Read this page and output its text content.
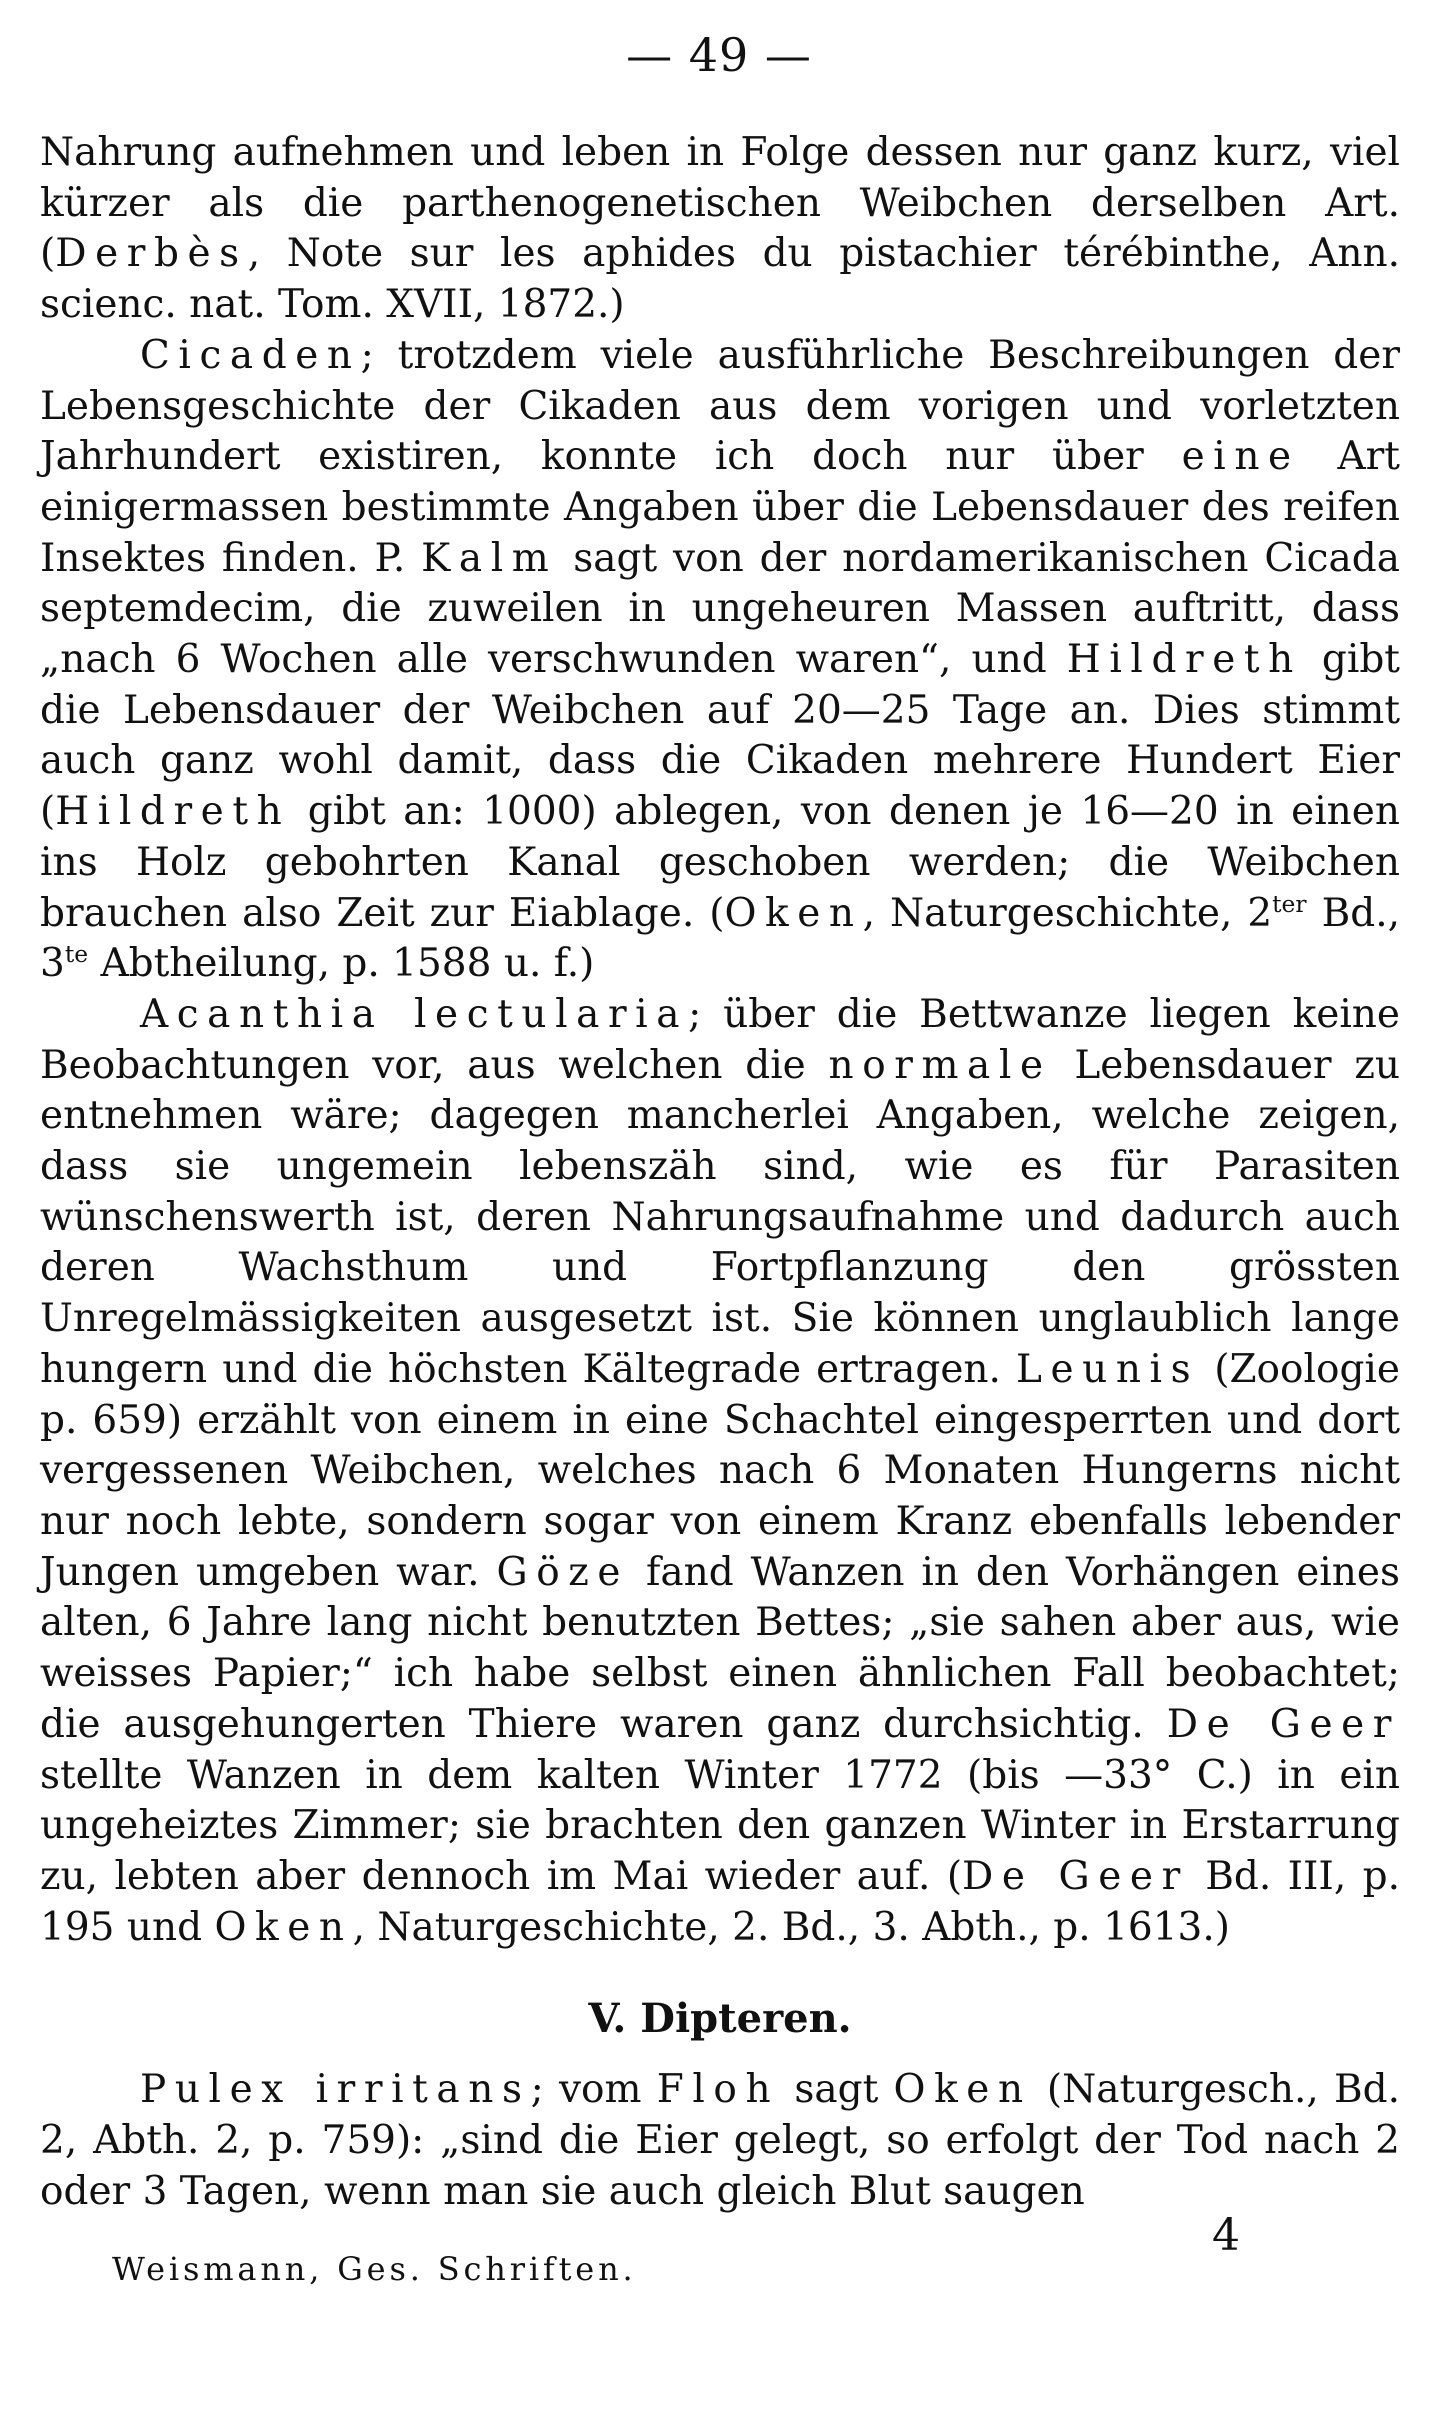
— 49 —

Nahrung aufnehmen und leben in Folge dessen nur ganz kurz, viel kürzer als die parthenogenetischen Weibchen derselben Art. (Derbès, Note sur les aphides du pistachier térébinthe, Ann. scienc. nat. Tom. XVII, 1872.)

Cicaden; trotzdem viele ausführliche Beschreibungen der Lebensgeschichte der Cikaden aus dem vorigen und vorletzten Jahrhundert existiren, konnte ich doch nur über eine Art einigermassen bestimmte Angaben über die Lebensdauer des reifen Insektes finden. P. Kalm sagt von der nordamerikanischen Cicada septemdecim, die zuweilen in ungeheuren Massen auftritt, dass „nach 6 Wochen alle verschwunden waren“, und Hildreth gibt die Lebensdauer der Weibchen auf 20—25 Tage an. Dies stimmt auch ganz wohl damit, dass die Cikaden mehrere Hundert Eier (Hildreth gibt an: 1000) ablegen, von denen je 16—20 in einen ins Holz gebohrten Kanal geschoben werden; die Weibchen brauchen also Zeit zur Eiablage. (Oken, Naturgeschichte, $2^{ter}$ Bd., $3^{te}$ Abtheilung, p. 1588 u. f.)

Acanthia lectularia; über die Bettwanze liegen keine Beobachtungen vor, aus welchen die normale Lebensdauer zu entnehmen wäre; dagegen mancherlei Angaben, welche zeigen, dass sie ungemein lebenszäh sind, wie es für Parasiten wünschenswerth ist, deren Nahrungsaufnahme und dadurch auch deren Wachsthum und Fortpflanzung den grössten Unregelmässigkeiten ausgesetzt ist. Sie können unglaublich lange hungern und die höchsten Kältegrade ertragen. Leunis (Zoologie p. 659) erzählt von einem in eine Schachtel eingesperrten und dort vergessenen Weibchen, welches nach 6 Monaten Hungerns nicht nur noch lebte, sondern sogar von einem Kranz ebenfalls lebender Jungen umgeben war. Göze fand Wanzen in den Vorhängen eines alten, 6 Jahre lang nicht benutzten Bettes; „sie sahen aber aus, wie weisses Papier;“ ich habe selbst einen ähnlichen Fall beobachtet; die ausgehungerten Thiere waren ganz durchsichtig. De Geer stellte Wanzen in dem kalten Winter 1772 (bis —33° C.) in ein ungeheiztes Zimmer; sie brachten den ganzen Winter in Erstarrung zu, lebten aber dennoch im Mai wieder auf. (De Geer Bd. III, p. 195 und Oken, Naturgeschichte, 2. Bd., 3. Abth., p. 1613.)

V. Dipteren.

Pulex irritans; vom Floh sagt Oken (Naturgesch., Bd. 2, Abth. 2, p. 759): „sind die Eier gelegt, so erfolgt der Tod nach 2 oder 3 Tagen, wenn man sie auch gleich Blut saugen

Weismann, Ges. Schriften.
4
